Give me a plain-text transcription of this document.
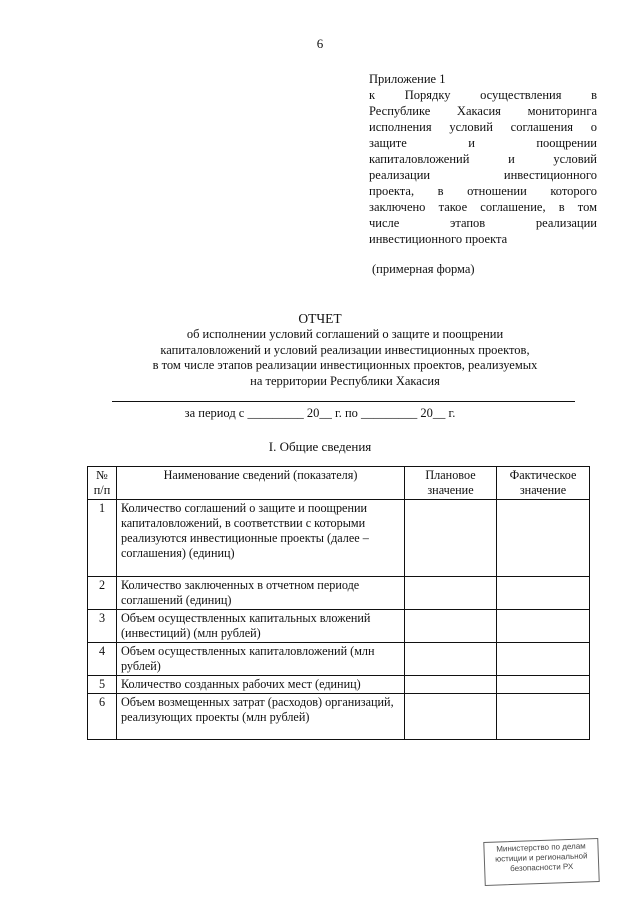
6
Приложение 1
к Порядку осуществления в
Республике Хакасия мониторинга
исполнения условий соглашения о
защите и поощрении
капиталовложений и условий
реализации инвестиционного
проекта, в отношении которого
заключено такое соглашение, в том
числе этапов реализации
инвестиционного проекта
(примерная форма)
ОТЧЕТ
об исполнении условий соглашений о защите и поощрении
капиталовложений и условий реализации инвестиционных проектов,
в том числе этапов реализации инвестиционных проектов, реализуемых
на территории Республики Хакасия
за период с _________ 20__ г. по _________ 20__ г.
I. Общие сведения
№ п/п	Наименование сведений (показателя)	Плановое значение	Фактическое значение
1	Количество соглашений о защите и поощрении капиталовложений, в соответствии с которыми реализуются инвестиционные проекты (далее – соглашения) (единиц)		
2	Количество заключенных в отчетном периоде соглашений (единиц)		
3	Объем осуществленных капитальных вложений (инвестиций) (млн рублей)		
4	Объем осуществленных капиталовложений (млн рублей)		
5	Количество созданных рабочих мест (единиц)		
6	Объем возмещенных затрат (расходов) организаций, реализующих проекты (млн рублей)		
Министерство по делам
юстиции и региональной
безопасности РХ
